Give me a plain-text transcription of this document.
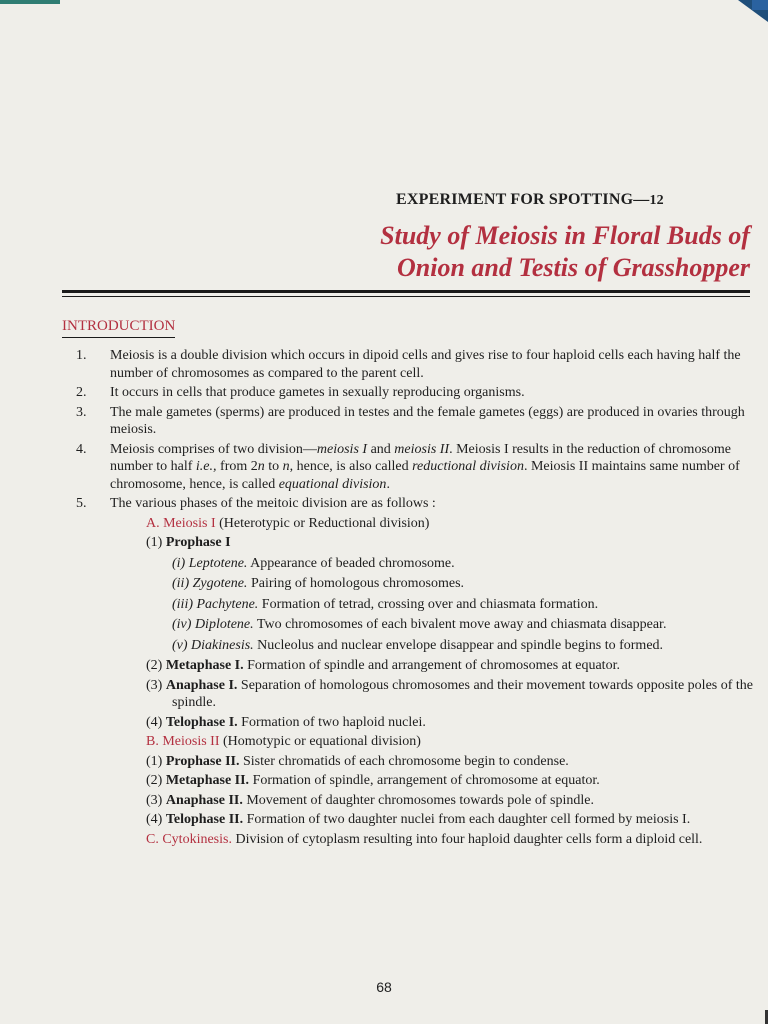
EXPERIMENT FOR SPOTTING—12
Study of Meiosis in Floral Buds of
Onion and Testis of Grasshopper
INTRODUCTION
1. Meiosis is a double division which occurs in dipoid cells and gives rise to four haploid cells each having half the number of chromosomes as compared to the parent cell.
2. It occurs in cells that produce gametes in sexually reproducing organisms.
3. The male gametes (sperms) are produced in testes and the female gametes (eggs) are produced in ovaries through meiosis.
4. Meiosis comprises of two division—meiosis I and meiosis II. Meiosis I results in the reduction of chromosome number to half i.e., from 2n to n, hence, is also called reductional division. Meiosis II maintains same number of chromosome, hence, is called equational division.
5. The various phases of the meitoic division are as follows :
A. Meiosis I (Heterotypic or Reductional division)
(1) Prophase I
(i) Leptotene. Appearance of beaded chromosome.
(ii) Zygotene. Pairing of homologous chromosomes.
(iii) Pachytene. Formation of tetrad, crossing over and chiasmata formation.
(iv) Diplotene. Two chromosomes of each bivalent move away and chiasmata disappear.
(v) Diakinesis. Nucleolus and nuclear envelope disappear and spindle begins to formed.
(2) Metaphase I. Formation of spindle and arrangement of chromosomes at equator.
(3) Anaphase I. Separation of homologous chromosomes and their movement towards opposite poles of the spindle.
(4) Telophase I. Formation of two haploid nuclei.
B. Meiosis II (Homotypic or equational division)
(1) Prophase II. Sister chromatids of each chromosome begin to condense.
(2) Metaphase II. Formation of spindle, arrangement of chromosome at equator.
(3) Anaphase II. Movement of daughter chromosomes towards pole of spindle.
(4) Telophase II. Formation of two daughter nuclei from each daughter cell formed by meiosis I.
C. Cytokinesis. Division of cytoplasm resulting into four haploid daughter cells form a diploid cell.
68
